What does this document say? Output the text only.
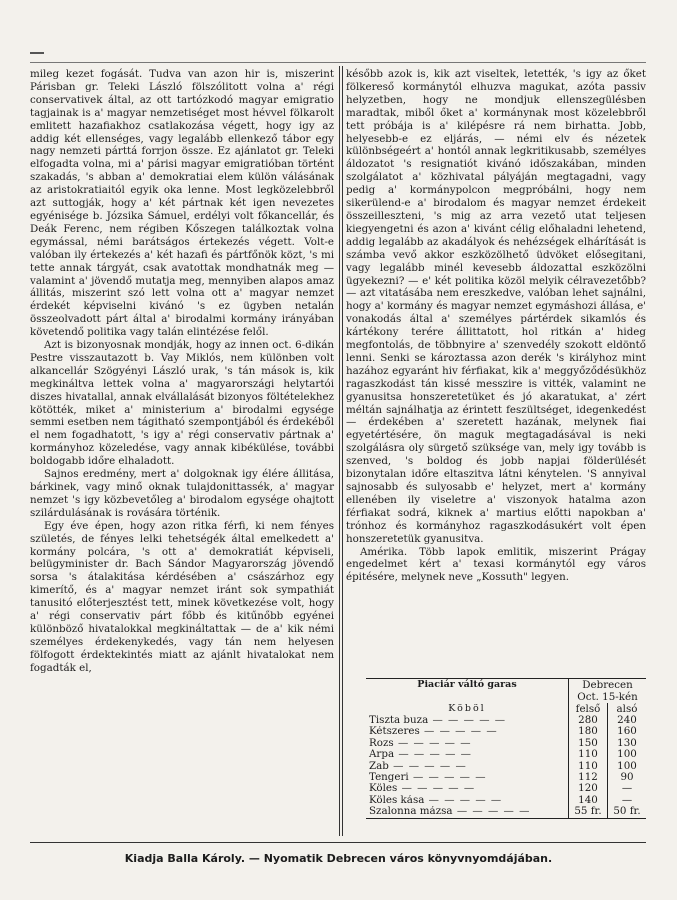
mileg kezet fogását. Tudva van azon hir is, miszerint Párisban gr. Teleki László fölszólitott volna a' régi conservativek által, az ott tartózkodó magyar emigratio tagjainak is a' magyar nemzetiséget most hévvel fölkarolt emlitett hazafiakhoz csatlakozása végett, hogy igy az addig két ellenséges, vagy legalább ellenkező tábor egy nagy nemzeti párttá forrjon össze. Ez ajánlatot gr. Teleki elfogadta volna, mi a' párisi magyar emigratióban történt szakadás, 's abban a' demokratiai elem külön válásának az aristokratiaitól egyik oka lenne. Most legközelebbről azt suttogják, hogy a' két pártnak két igen nevezetes egyénisége b. Józsika Sámuel, erdélyi volt főkancellár, és Deák Ferenc, nem régiben Kőszegen találkoztak volna egymással, némi barátságos értekezés végett. Volt-e valóban ily értekezés a' két hazafi és pártfőnök közt, 's mi tette annak tárgyát, csak avatottak mondhatnák meg — valamint a' jövendő mutatja meg, mennyiben alapos amaz állitás, miszerint szó lett volna ott a' magyar nemzet érdekét képviselni kivánó 's ez ügyben netalán összeolvadott párt által a' birodalmi kormány irányában követendő politika vagy talán elintézése felől.

Azt is bizonyosnak mondják, hogy az innen oct. 6-dikán Pestre visszautazott b. Vay Miklós, nem különben volt alkancellár Szögyényi László urak, 's tán mások is, kik megkináltva lettek volna a' magyarországi helytartói diszes hivatallal, annak elvállalását bizonyos föltételekhez kötötték, miket a' ministerium a' birodalmi egysége semmi esetben nem tágitható szempontjából és érdekéből el nem fogadhatott, 's igy a' régi conservativ pártnak a' kormányhoz közeledése, vagy annak kibékülése, további boldogabb időre elhaladott.

Sajnos eredmény, mert a' dolgoknak igy élére állitása, bárkinek, vagy minő oknak tulajdonittassék, a' magyar nemzet 's igy közbevetőleg a' birodalom egysége ohajtott szilárdulásának is rovására történik.

Egy éve épen, hogy azon ritka férfi, ki nem fényes születés, de fényes lelki tehetségék által emelkedett a' kormány polcára, 's ott a' demokratiát képviseli, belügyminister dr. Bach Sándor Magyarország jövendő sorsa 's átalakitása kérdésében a' császárhoz egy kimerítő, és a' magyar nemzet iránt sok sympathiát tanusitó előterjesztést tett, minek következése volt, hogy a' régi conservativ párt főbb és kitűnőbb egyénei különböző hivatalokkal megkináltattak — de a' kik némi személyes érdekenykedés, vagy tán nem helyesen fölfogott érdektekintés miatt az ajánlt hivatalokat nem fogadták el,

később azok is, kik azt viseltek, letették, 's igy az őket fölkereső kormánytól elhuzva magukat, azóta passiv helyzetben, hogy ne mondjuk ellenszegülésben maradtak, miből őket a' kormánynak most közelebbről tett próbája is a' kilépésre rá nem birhatta. Jobb, helyesebb-e ez eljárás, — némi elv és nézetek különbségeért a' hontól annak legkritikusabb, személyes áldozatot 's resignatiót kivánó időszakában, minden szolgálatot a' közhivatal pályáján megtagadni, vagy pedig a' kormánypolcon megpróbálni, hogy nem sikerülend-e a' birodalom és magyar nemzet érdekeit összeilleszteni, 's mig az arra vezető utat teljesen kiegyengetni és azon a' kivánt célig előhaladni lehetend, addig legalább az akadályok és nehézségek elhárítását is számba vevő akkor eszközölhető üdvöket elősegitani, vagy legalább minél kevesebb áldozattal eszközölni ügyekezni? — e' két politika közöl melyik célravezetőbb? — azt vitatásába nem ereszkedve, valóban lehet sajnálni, hogy a' kormány és magyar nemzet egymáshozi állása, e' vonakodás által a' személyes pártérdek sikamlós és kártékony terére állittatott, hol ritkán a' hideg megfontolás, de többnyire a' szenvedély szokott eldöntő lenni. Senki se károztassa azon derék 's királyhoz mint hazához egyaránt hiv férfiakat, kik a' meggyőződésükhöz ragaszkodást tán kissé messzire is vitték, valamint ne gyanusitsa honszeretetüket és jó akaratukat, a' zért méltán sajnálhatja az érintett feszültséget, idegenkedést — érdekében a' szeretett hazának, melynek fiai egyetértésére, ön maguk megtagadásával is neki szolgálásra oly sürgető szüksége van, mely igy tovább is szenved, 's boldog és jobb napjai földerülését bizonytalan időre eltaszitva látni kénytelen. 'S annyival sajnosabb és sulyosabb e' helyzet, mert a' kormány ellenében ily viseletre a' viszonyok hatalma azon férfiakat sodrá, kiknek a' martius előtti napokban a' trónhoz és kormányhoz ragaszkodásukért volt épen honszeretetük gyanusitva.

Amérika. Több lapok emlitik, miszerint Prágay engedelmet kért a' texasi kormánytól egy város épitésére, melynek neve „Kossuth" legyen.

Piaciár váltó garas	Debrecen	
	Oct. 15-kén	
Köböl	felső	alsó
Tiszta buza — — — — —	280	240
Kétszeres — — — — —	180	160
Rozs — — — — —	150	130
Árpa — — — — —	110	100
Zab — — — — —	110	100
Tengeri — — — — —	112	90
Köles — — — — —	120	—
Köles kása — — — — —	140	—
Szalonna mázsa — — — — —	55 fr.	50 fr.
Kiadja Balla Károly. — Nyomatik Debrecen város könyvnyomdájában.
